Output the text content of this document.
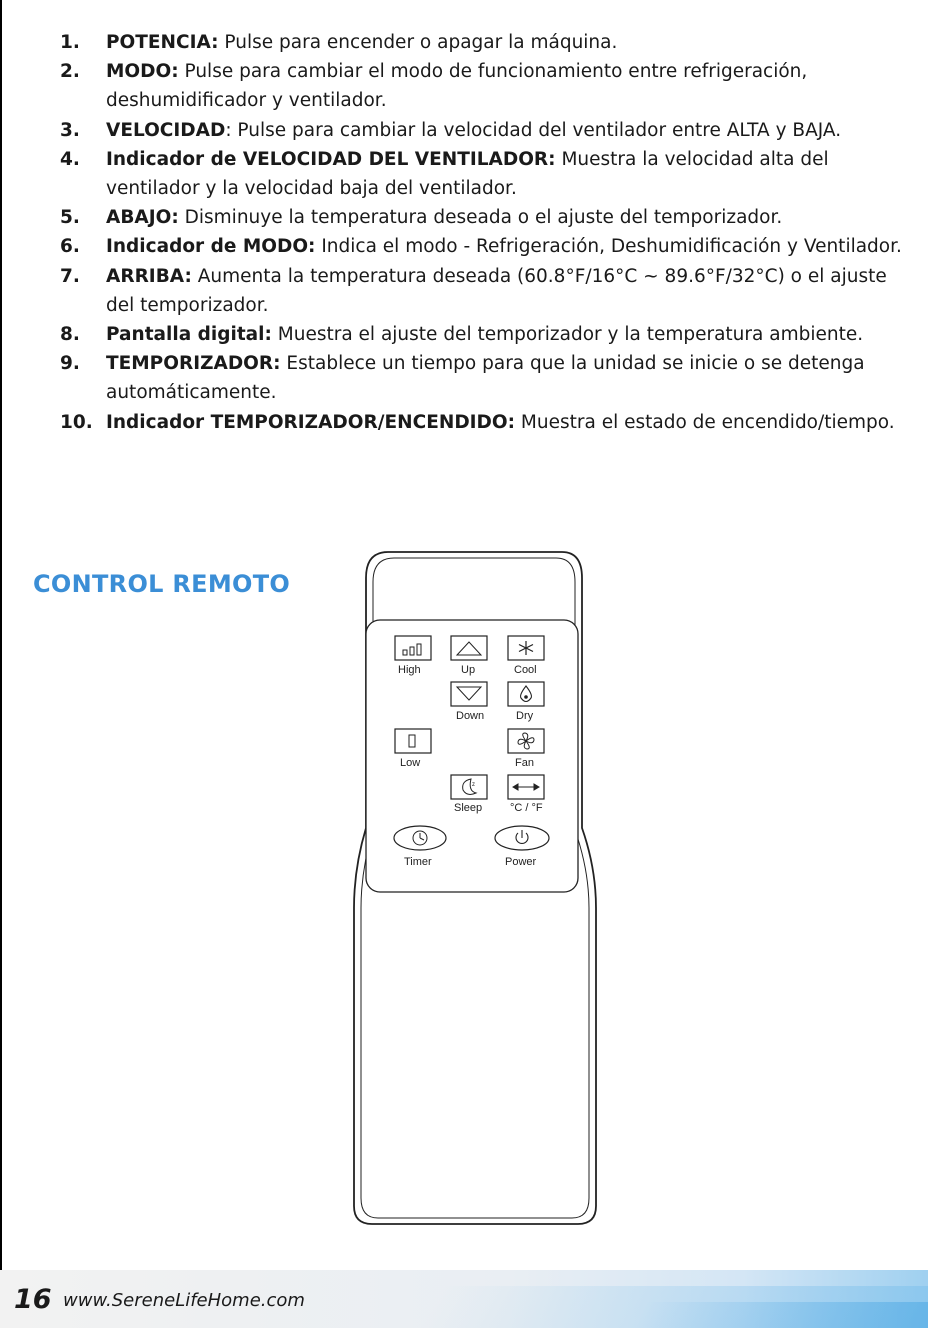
1. POTENCIA: Pulse para encender o apagar la máquina.
2. MODO: Pulse para cambiar el modo de funcionamiento entre refrigeración, deshumidificador y ventilador.
3. VELOCIDAD: Pulse para cambiar la velocidad del ventilador entre ALTA y BAJA.
4. Indicador de VELOCIDAD DEL VENTILADOR: Muestra la velocidad alta del ventilador y la velocidad baja del ventilador.
5. ABAJO: Disminuye la temperatura deseada o el ajuste del temporizador.
6. Indicador de MODO: Indica el modo - Refrigeración, Deshumidificación y Ventilador.
7. ARRIBA: Aumenta la temperatura deseada (60.8°F/16°C ~ 89.6°F/32°C) o el ajuste del temporizador.
8. Pantalla digital: Muestra el ajuste del temporizador y la temperatura ambiente.
9. TEMPORIZADOR: Establece un tiempo para que la unidad se inicie o se detenga automáticamente.
10. Indicador TEMPORIZADOR/ENCENDIDO: Muestra el estado de encendido/tiempo.
CONTROL REMOTO
High	Up	Cool
Down	Dry
Low	Fan
z
Sleep	°C / °F
Timer	Power
16 www.SereneLifeHome.com
